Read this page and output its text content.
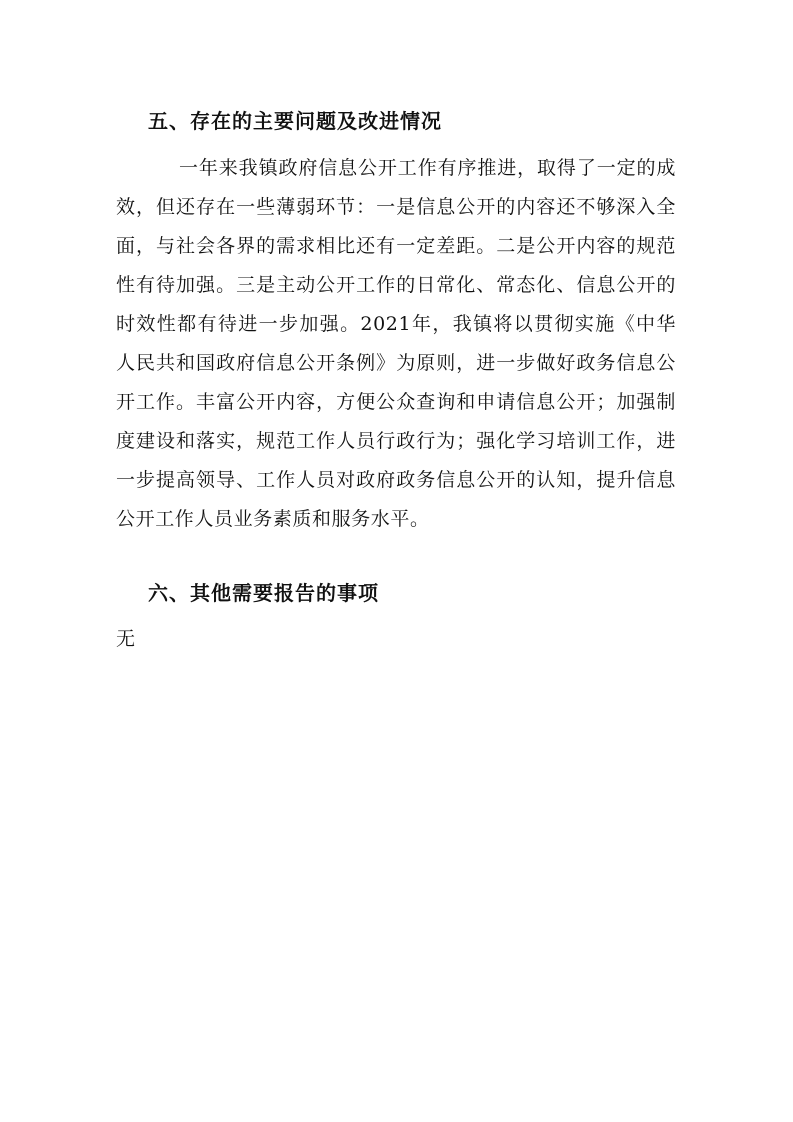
五、存在的主要问题及改进情况

一年来我镇政府信息公开工作有序推进，取得了一定的成效，但还存在一些薄弱环节：一是信息公开的内容还不够深入全面，与社会各界的需求相比还有一定差距。二是公开内容的规范性有待加强。三是主动公开工作的日常化、常态化、信息公开的时效性都有待进一步加强。2021年，我镇将以贯彻实施《中华人民共和国政府信息公开条例》为原则，进一步做好政务信息公开工作。丰富公开内容，方便公众查询和申请信息公开；加强制度建设和落实，规范工作人员行政行为；强化学习培训工作，进一步提高领导、工作人员对政府政务信息公开的认知，提升信息公开工作人员业务素质和服务水平。

六、其他需要报告的事项

无
